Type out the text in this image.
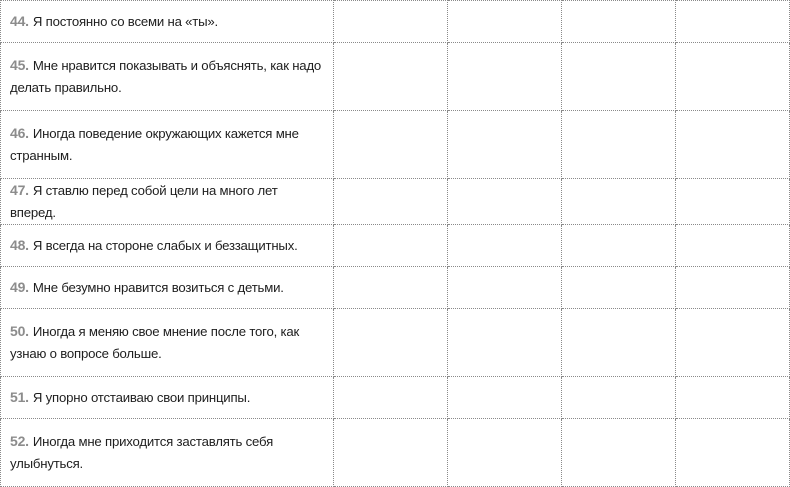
44. Я постоянно со всеми на «ты».				
45. Мне нравится показывать и объяснять, как надо делать правильно.				
46. Иногда поведение окружающих кажется мне странным.				
47. Я ставлю перед собой цели на много лет вперед.				
48. Я всегда на стороне слабых и беззащитных.				
49. Мне безумно нравится возиться с детьми.				
50. Иногда я меняю свое мнение после того, как узнаю о вопросе больше.				
51. Я упорно отстаиваю свои принципы.				
52. Иногда мне приходится заставлять себя улыбнуться.				
